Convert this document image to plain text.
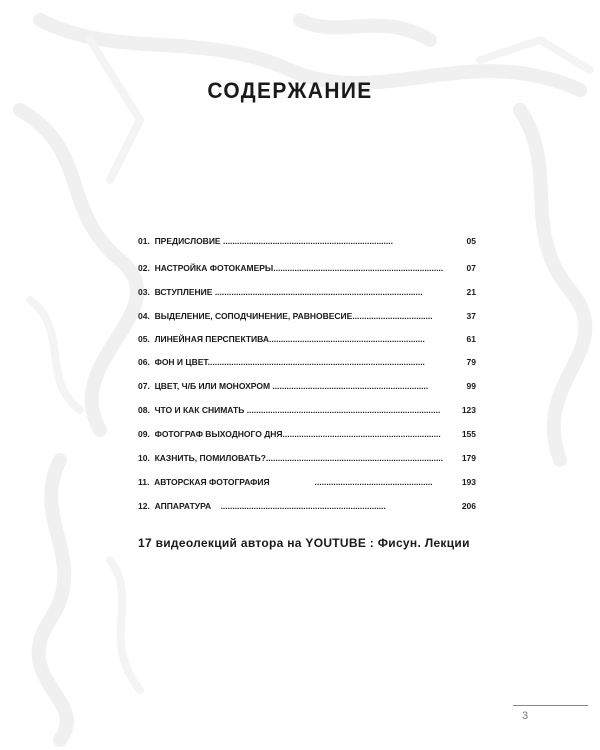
СОДЕРЖАНИЕ
01. ПРЕДИСЛОВИЕ ........................................................................	05
02. НАСТРОЙКА ФОТОКАМЕРЫ........................................................................	07
03. ВСТУПЛЕНИЕ ........................................................................................	21
04. ВЫДЕЛЕНИЕ, СОПОДЧИНЕНИЕ, РАВНОВЕСИЕ..................................	37
05. ЛИНЕЙНАЯ ПЕРСПЕКТИВА..................................................................	61
06. ФОН И ЦВЕТ............................................................................................	79
07. ЦВЕТ, Ч/Б ИЛИ МОНОХРОМ ..................................................................	99
08. ЧТО И КАК СНИМАТЬ ..................................................................................	123
09. ФОТОГРАФ ВЫХОДНОГО ДНЯ................................................................... 155
10. КАЗНИТЬ, ПОМИЛОВАТЬ?........................................................................... 179
11. АВТОРСКАЯ ФОТОГРАФИЯ                   ..................................................	193
12. АППАРАТУРА    ......................................................................	206
17 видеолекций автора на YOUTUBE : Фисун. Лекции
3
